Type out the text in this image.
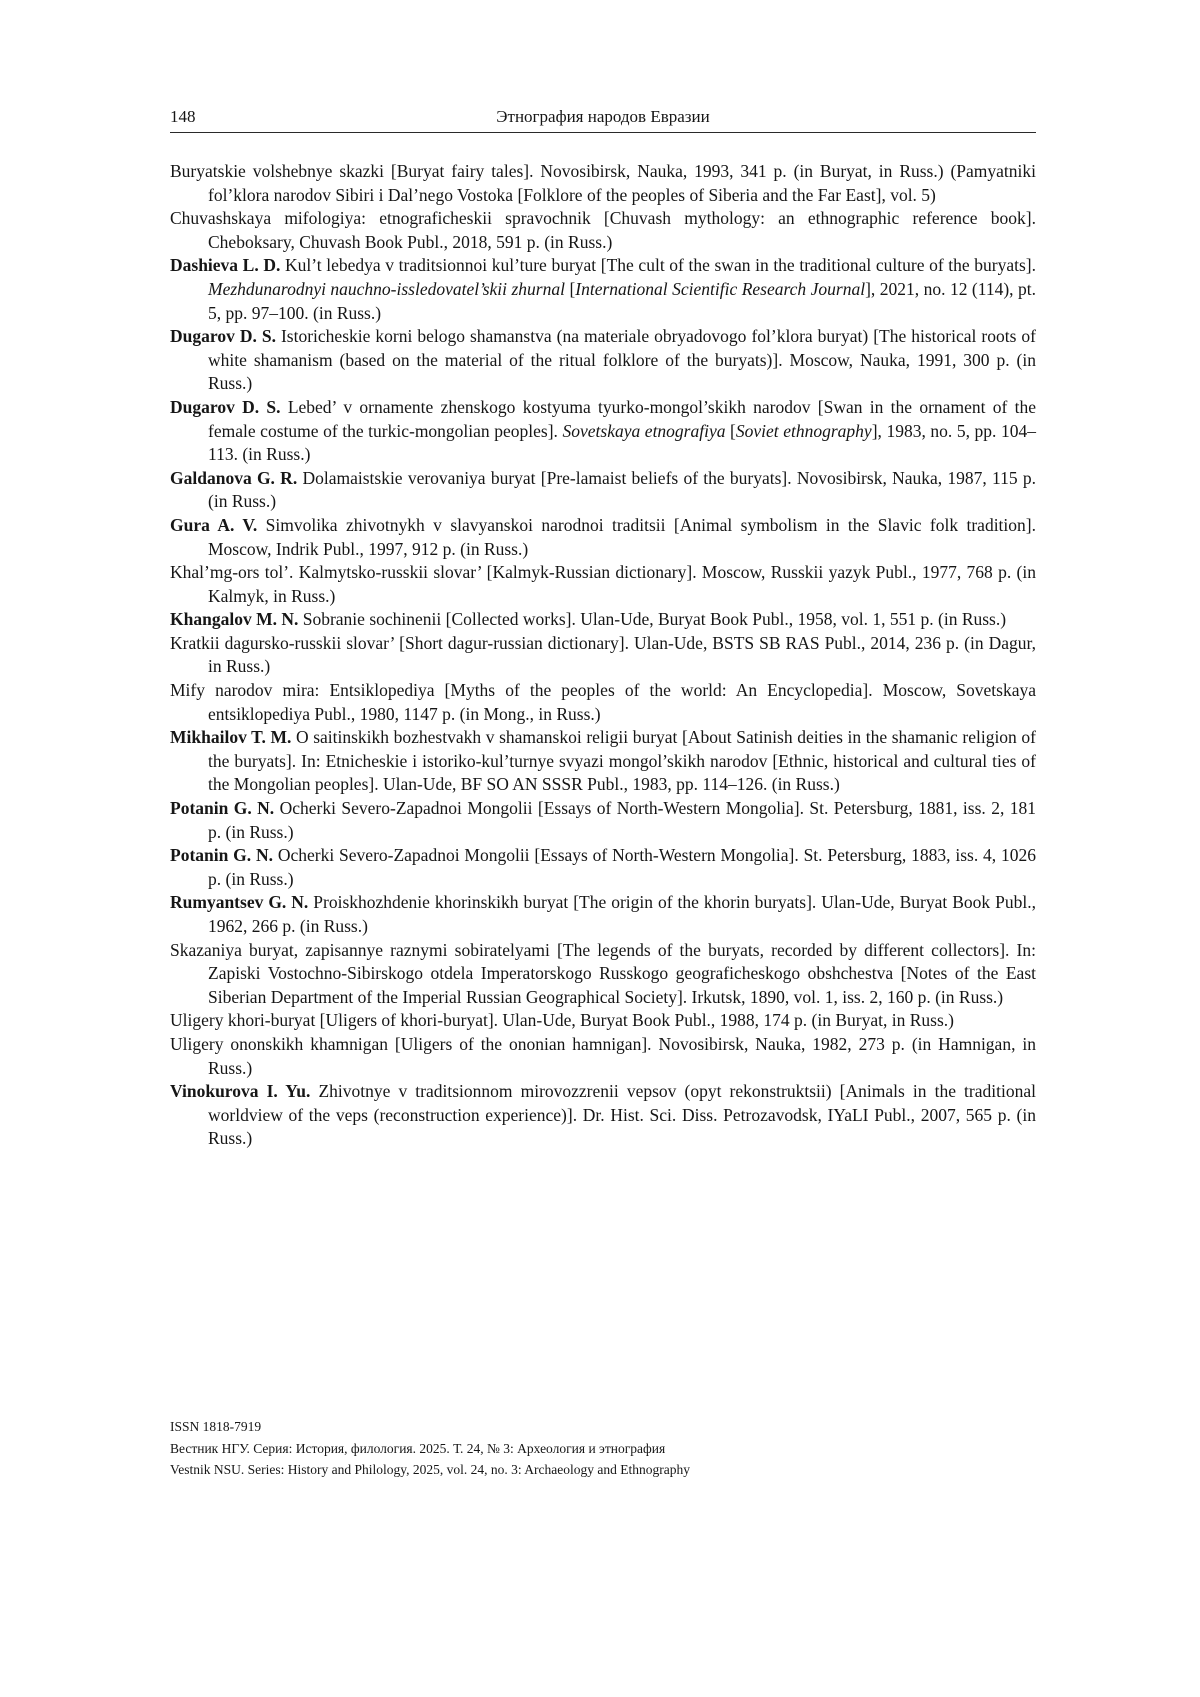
148	Этнография народов Евразии

Buryatskie volshebnye skazki [Buryat fairy tales]. Novosibirsk, Nauka, 1993, 341 p. (in Buryat, in Russ.) (Pamyatniki fol’klora narodov Sibiri i Dal’nego Vostoka [Folklore of the peoples of Siberia and the Far East], vol. 5)

Chuvashskaya mifologiya: etnograficheskii spravochnik [Chuvash mythology: an ethnographic reference book]. Cheboksary, Chuvash Book Publ., 2018, 591 p. (in Russ.)

Dashieva L. D. Kul’t lebedya v traditsionnoi kul’ture buryat [The cult of the swan in the traditional culture of the buryats]. Mezhdunarodnyi nauchno-issledovatel’skii zhurnal [International Scientific Research Journal], 2021, no. 12 (114), pt. 5, pp. 97–100. (in Russ.)

Dugarov D. S. Istoricheskie korni belogo shamanstva (na materiale obryadovogo fol’klora buryat) [The historical roots of white shamanism (based on the material of the ritual folklore of the buryats)]. Moscow, Nauka, 1991, 300 p. (in Russ.)

Dugarov D. S. Lebed’ v ornamente zhenskogo kostyuma tyurko-mongol’skikh narodov [Swan in the ornament of the female costume of the turkic-mongolian peoples]. Sovetskaya etnografiya [Soviet ethnography], 1983, no. 5, pp. 104–113. (in Russ.)

Galdanova G. R. Dolamaistskie verovaniya buryat [Pre-lamaist beliefs of the buryats]. Novosibirsk, Nauka, 1987, 115 p. (in Russ.)

Gura A. V. Simvolika zhivotnykh v slavyanskoi narodnoi traditsii [Animal symbolism in the Slavic folk tradition]. Moscow, Indrik Publ., 1997, 912 p. (in Russ.)

Khal’mg-ors tol’. Kalmytsko-russkii slovar’ [Kalmyk-Russian dictionary]. Moscow, Russkii yazyk Publ., 1977, 768 p. (in Kalmyk, in Russ.)

Khangalov M. N. Sobranie sochinenii [Collected works]. Ulan-Ude, Buryat Book Publ., 1958, vol. 1, 551 p. (in Russ.)

Kratkii dagursko-russkii slovar’ [Short dagur-russian dictionary]. Ulan-Ude, BSTS SB RAS Publ., 2014, 236 p. (in Dagur, in Russ.)

Mify narodov mira: Entsiklopediya [Myths of the peoples of the world: An Encyclopedia]. Moscow, Sovetskaya entsiklopediya Publ., 1980, 1147 p. (in Mong., in Russ.)

Mikhailov T. M. O saitinskikh bozhestvakh v shamanskoi religii buryat [About Satinish deities in the shamanic religion of the buryats]. In: Etnicheskie i istoriko-kul’turnye svyazi mongol’skikh narodov [Ethnic, historical and cultural ties of the Mongolian peoples]. Ulan-Ude, BF SO AN SSSR Publ., 1983, pp. 114–126. (in Russ.)

Potanin G. N. Ocherki Severo-Zapadnoi Mongolii [Essays of North-Western Mongolia]. St. Petersburg, 1881, iss. 2, 181 p. (in Russ.)

Potanin G. N. Ocherki Severo-Zapadnoi Mongolii [Essays of North-Western Mongolia]. St. Petersburg, 1883, iss. 4, 1026 p. (in Russ.)

Rumyantsev G. N. Proiskhozhdenie khorinskikh buryat [The origin of the khorin buryats]. Ulan-Ude, Buryat Book Publ., 1962, 266 p. (in Russ.)

Skazaniya buryat, zapisannye raznymi sobiratelyami [The legends of the buryats, recorded by different collectors]. In: Zapiski Vostochno-Sibirskogo otdela Imperatorskogo Russkogo geograficheskogo obshchestva [Notes of the East Siberian Department of the Imperial Russian Geographical Society]. Irkutsk, 1890, vol. 1, iss. 2, 160 p. (in Russ.)

Uligery khori-buryat [Uligers of khori-buryat]. Ulan-Ude, Buryat Book Publ., 1988, 174 p. (in Buryat, in Russ.)

Uligery ononskikh khamnigan [Uligers of the ononian hamnigan]. Novosibirsk, Nauka, 1982, 273 p. (in Hamnigan, in Russ.)

Vinokurova I. Yu. Zhivotnye v traditsionnom mirovozzrenii vepsov (opyt rekonstruktsii) [Animals in the traditional worldview of the veps (reconstruction experience)]. Dr. Hist. Sci. Diss. Petrozavodsk, IYaLI Publ., 2007, 565 p. (in Russ.)

ISSN 1818-7919
Вестник НГУ. Серия: История, филология. 2025. Т. 24, № 3: Археология и этнография
Vestnik NSU. Series: History and Philology, 2025, vol. 24, no. 3: Archaeology and Ethnography
